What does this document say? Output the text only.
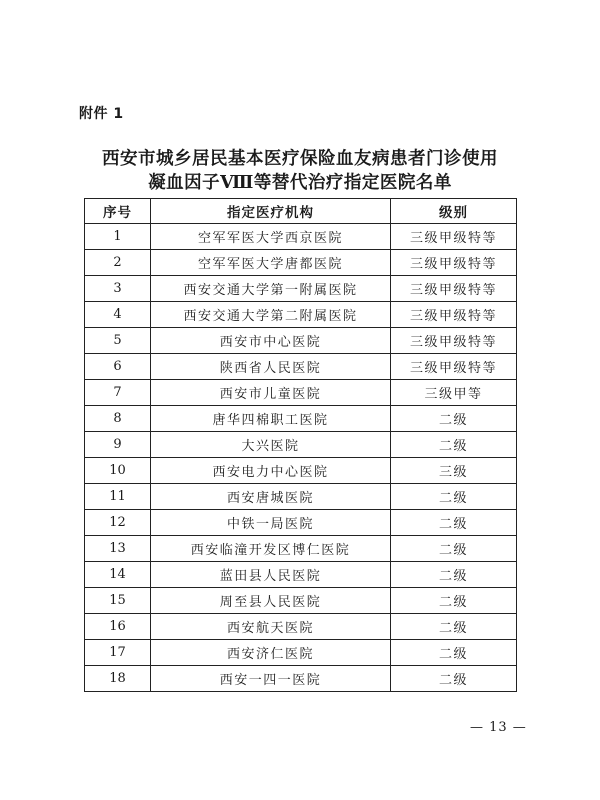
附件 1
西安市城乡居民基本医疗保险血友病患者门诊使用
凝血因子Ⅷ等替代治疗指定医院名单
序号	指定医疗机构	级别
1	空军军医大学西京医院	三级甲级特等
2	空军军医大学唐都医院	三级甲级特等
3	西安交通大学第一附属医院	三级甲级特等
4	西安交通大学第二附属医院	三级甲级特等
5	西安市中心医院	三级甲级特等
6	陕西省人民医院	三级甲级特等
7	西安市儿童医院	三级甲等
8	唐华四棉职工医院	二级
9	大兴医院	二级
10	西安电力中心医院	三级
11	西安唐城医院	二级
12	中铁一局医院	二级
13	西安临潼开发区博仁医院	二级
14	蓝田县人民医院	二级
15	周至县人民医院	二级
16	西安航天医院	二级
17	西安济仁医院	二级
18	西安一四一医院	二级
— 13 —
